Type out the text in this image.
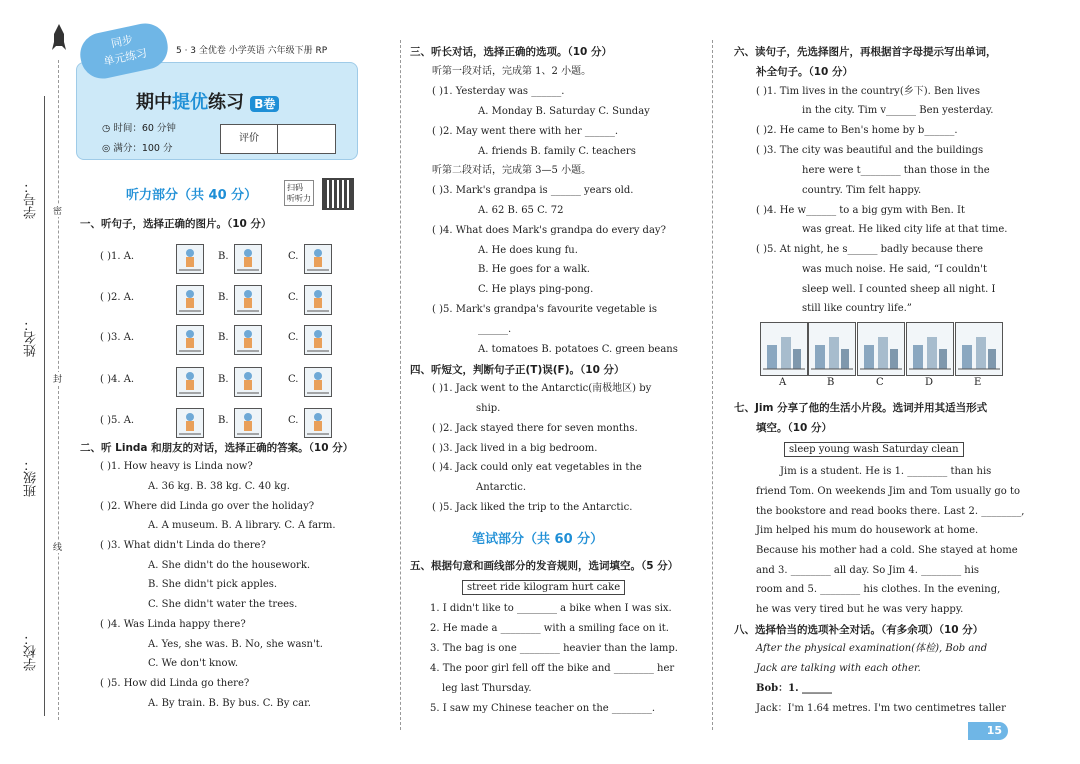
学号：
姓名：
班级：
学校：
密
封
线
同步
单元练习	5 · 3 全优卷 小学英语 六年级下册 RP
期中提优练习 B卷
◷ 时间：60 分钟
◎ 满分：100 分
评价
听力部分（共 40 分）
扫码
听听力
一、听句子，选择正确的图片。（10 分）
( )1. A.	B.	C.
( )2. A.	B.	C.
( )3. A.	B.	C.
( )4. A.	B.	C.
( )5. A.	B.	C.
二、听 Linda 和朋友的对话，选择正确的答案。（10 分）
( )1. How heavy is Linda now?
A. 36 kg. B. 38 kg. C. 40 kg.
( )2. Where did Linda go over the holiday?
A. A museum. B. A library. C. A farm.
( )3. What didn't Linda do there?
A. She didn't do the housework.
B. She didn't pick apples.
C. She didn't water the trees.
( )4. Was Linda happy there?
A. Yes, she was. B. No, she wasn't.
C. We don't know.
( )5. How did Linda go there?
A. By train. B. By bus. C. By car.
三、听长对话，选择正确的选项。（10 分）
听第一段对话，完成第 1、2 小题。
( )1. Yesterday was ______.
A. Monday B. Saturday C. Sunday
( )2. May went there with her ______.
A. friends B. family C. teachers
听第二段对话，完成第 3—5 小题。
( )3. Mark's grandpa is ______ years old.
A. 62 B. 65 C. 72
( )4. What does Mark's grandpa do every day?
A. He does kung fu.
B. He goes for a walk.
C. He plays ping-pong.
( )5. Mark's grandpa's favourite vegetable is
______.
A. tomatoes B. potatoes C. green beans
四、听短文，判断句子正(T)误(F)。（10 分）
( )1. Jack went to the Antarctic(南极地区) by
ship.
( )2. Jack stayed there for seven months.
( )3. Jack lived in a big bedroom.
( )4. Jack could only eat vegetables in the
Antarctic.
( )5. Jack liked the trip to the Antarctic.
笔试部分（共 60 分）
五、根据句意和画线部分的发音规则，选词填空。（5 分）
street ride kilogram hurt cake
1. I didn't like to ________ a bike when I was six.
2. He made a ________ with a smiling face on it.
3. The bag is one ________ heavier than the lamp.
4. The poor girl fell off the bike and ________ her
leg last Thursday.
5. I saw my Chinese teacher on the ________.
六、读句子，先选择图片，再根据首字母提示写出单词，
补全句子。（10 分）
( )1. Tim lives in the country(乡下). Ben lives
in the city. Tim v______ Ben yesterday.
( )2. He came to Ben's home by b______.
( )3. The city was beautiful and the buildings
here were t________ than those in the
country. Tim felt happy.
( )4. He w______ to a big gym with Ben. It
was great. He liked city life at that time.
( )5. At night, he s______ badly because there
was much noise. He said, “I couldn't
sleep well. I counted sheep all night. I
still like country life.”
A	B	C	D	E
七、Jim 分享了他的生活小片段。选词并用其适当形式
填空。（10 分）
sleep young wash Saturday clean
Jim is a student. He is 1. ________ than his
friend Tom. On weekends Jim and Tom usually go to
the bookstore and read books there. Last 2. ________,
Jim helped his mum do housework at home.
Because his mother had a cold. She stayed at home
and 3. ________ all day. So Jim 4. ________ his
room and 5. ________ his clothes. In the evening,
he was very tired but he was very happy.
八、选择恰当的选项补全对话。（有多余项）（10 分）
After the physical examination(体检), Bob and
Jack are talking with each other.
Bob：1. ______
Jack：I'm 1.64 metres. I'm two centimetres taller
15
